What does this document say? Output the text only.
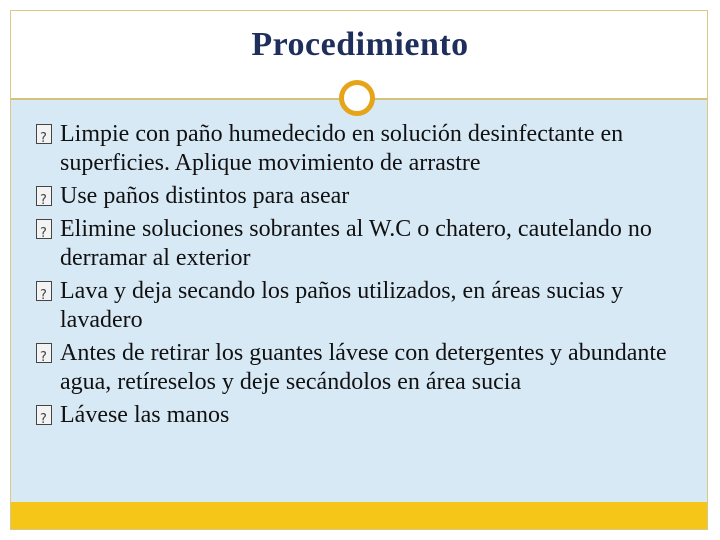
Procedimiento
?
Limpie con paño humedecido en solución desinfectante en superficies. Aplique movimiento de arrastre
?
Use paños distintos para asear
?
Elimine soluciones sobrantes al W.C o chatero, cautelando no derramar al exterior
?
Lava y deja secando los paños utilizados, en áreas sucias y lavadero
?
Antes de retirar los guantes lávese con detergentes y abundante agua, retíreselos y deje secándolos en área sucia
?
Lávese las manos
